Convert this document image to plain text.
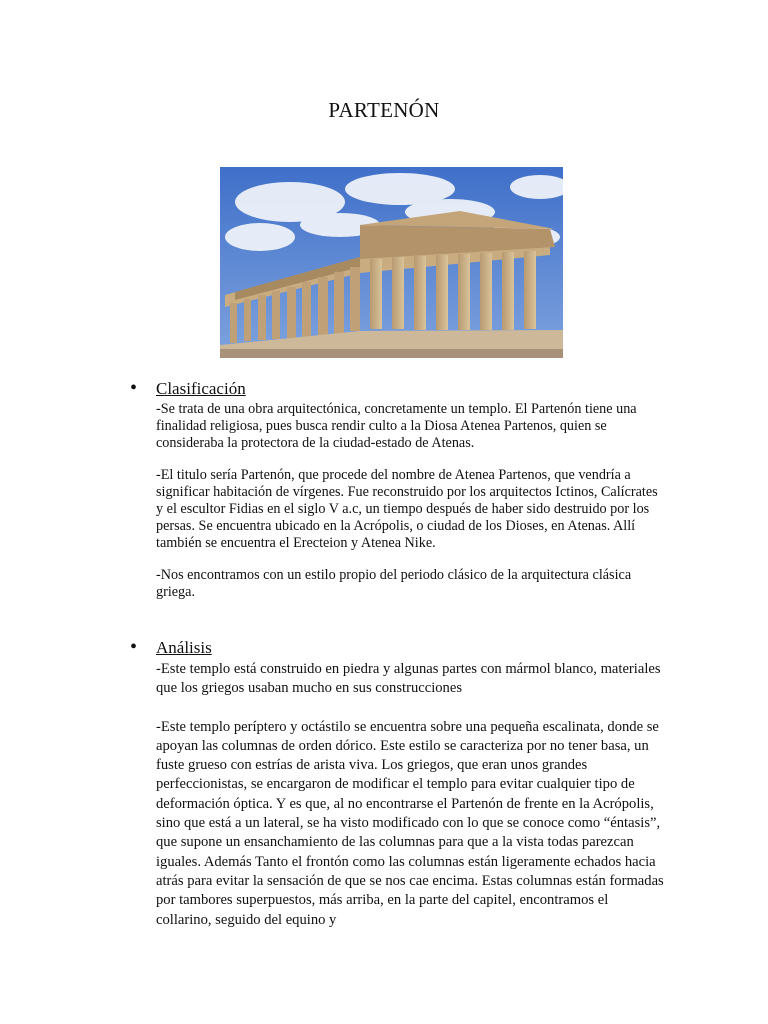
PARTENÓN
• Clasificación

-Se trata de una obra arquitectónica, concretamente un templo. El Partenón tiene una finalidad religiosa, pues busca rendir culto a la Diosa Atenea Partenos, quien se consideraba la protectora de la ciudad-estado de Atenas.

-El titulo sería Partenón, que procede del nombre de Atenea Partenos, que vendría a significar habitación de vírgenes. Fue reconstruido por los arquitectos Ictinos, Calícrates y el escultor Fidias en el siglo V a.c, un tiempo después de haber sido destruido por los persas. Se encuentra ubicado en la Acrópolis, o ciudad de los Dioses, en Atenas. Allí también se encuentra el Erecteion y Atenea Nike.

-Nos encontramos con un estilo propio del periodo clásico de la arquitectura clásica griega.

• Análisis

-Este templo está construido en piedra y algunas partes con mármol blanco, materiales que los griegos usaban mucho en sus construcciones

-Este templo períptero y octástilo se encuentra sobre una pequeña escalinata, donde se apoyan las columnas de orden dórico. Este estilo se caracteriza por no tener basa, un fuste grueso con estrías de arista viva. Los griegos, que eran unos grandes perfeccionistas, se encargaron de modificar el templo para evitar cualquier tipo de deformación óptica. Y es que, al no encontrarse el Partenón de frente en la Acrópolis, sino que está a un lateral, se ha visto modificado con lo que se conoce como “éntasis”, que supone un ensanchamiento de las columnas para que a la vista todas parezcan iguales. Además Tanto el frontón como las columnas están ligeramente echados hacia atrás para evitar la sensación de que se nos cae encima. Estas columnas están formadas por tambores superpuestos, más arriba, en la parte del capitel, encontramos el collarino, seguido del equino y
